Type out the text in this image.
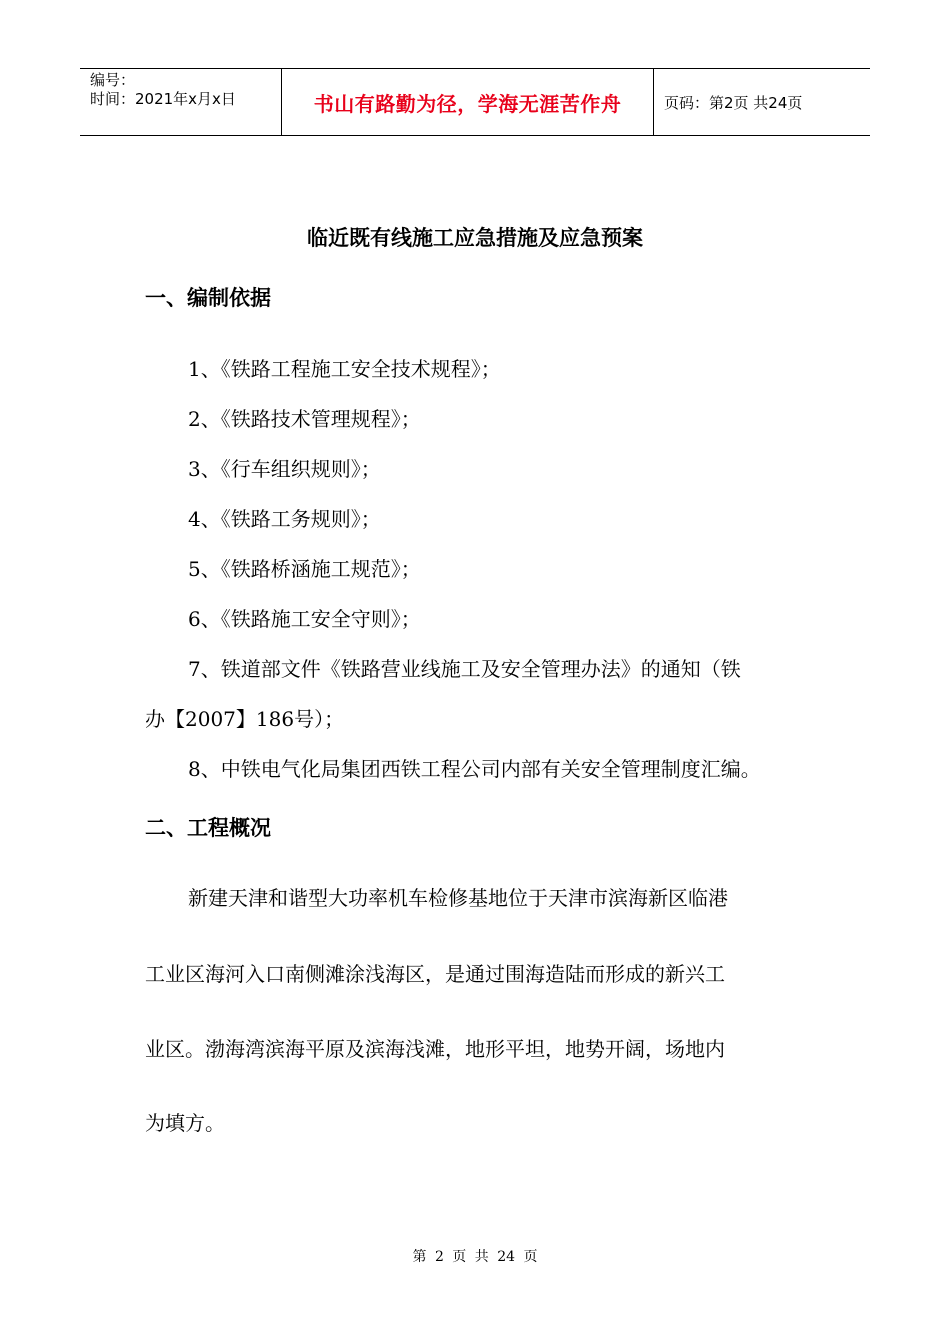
编号：
时间：2021年x月x日	书山有路勤为径，学海无涯苦作舟	页码：第2页 共24页
临近既有线施工应急措施及应急预案
一、编制依据
1、《铁路工程施工安全技术规程》；
2、《铁路技术管理规程》；
3、《行车组织规则》；
4、《铁路工务规则》；
5、《铁路桥涵施工规范》；
6、《铁路施工安全守则》；
7、铁道部文件《铁路营业线施工及安全管理办法》的通知（铁
办【2007】186号）；
8、中铁电气化局集团西铁工程公司内部有关安全管理制度汇编。
二、工程概况
新建天津和谐型大功率机车检修基地位于天津市滨海新区临港
工业区海河入口南侧滩涂浅海区，是通过围海造陆而形成的新兴工
业区。渤海湾滨海平原及滨海浅滩，地形平坦，地势开阔，场地内
为填方。
第 2 页 共 24 页
